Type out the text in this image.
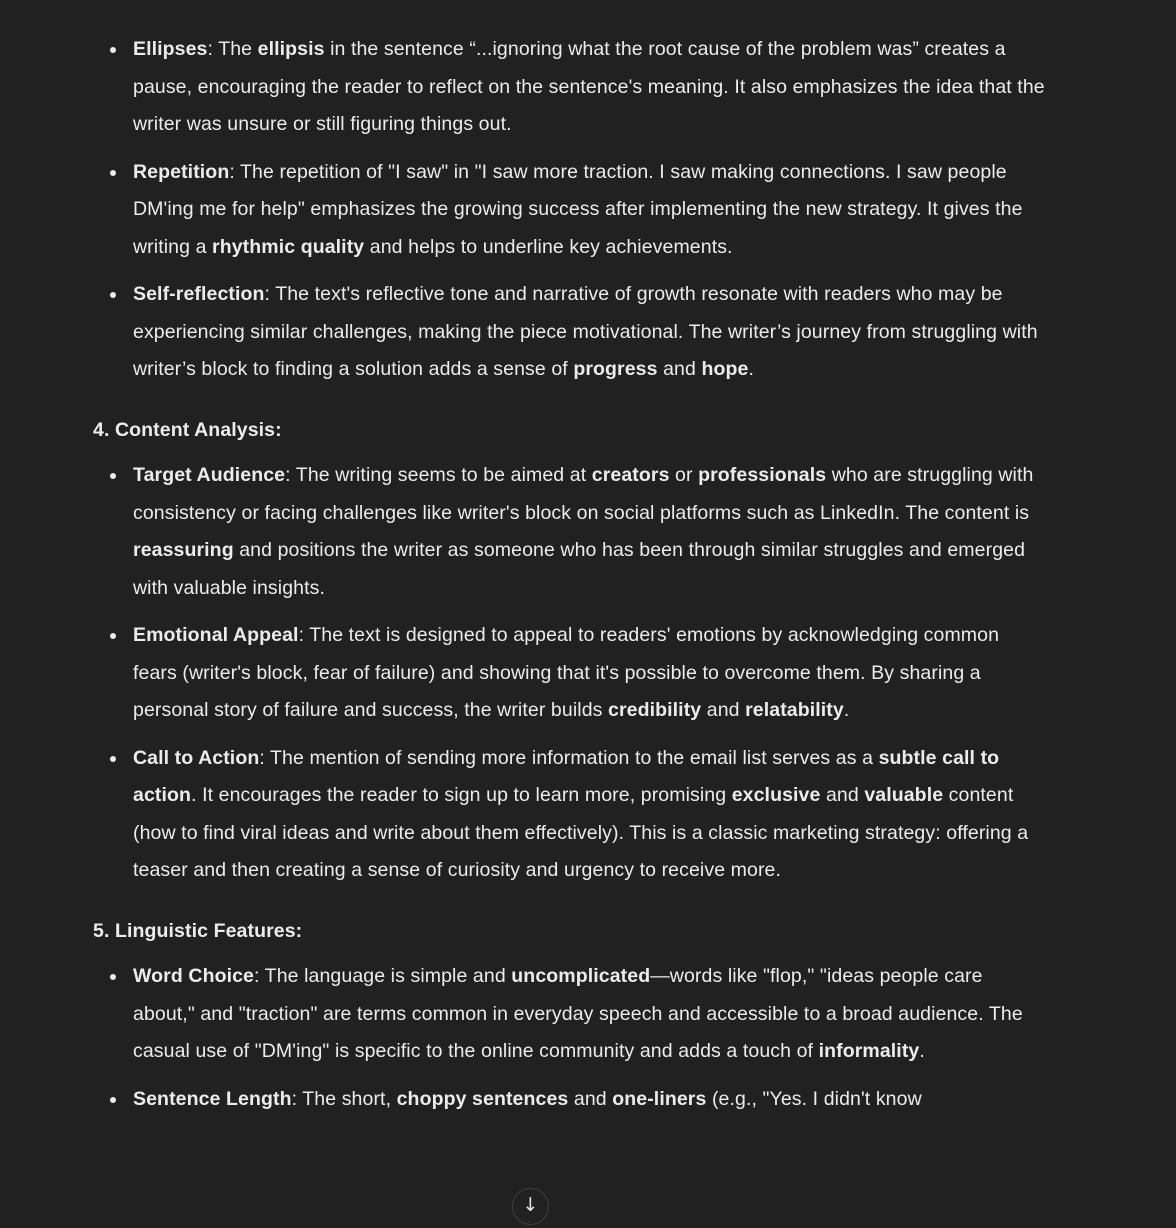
Ellipses: The ellipsis in the sentence “...ignoring what the root cause of the problem was” creates a pause, encouraging the reader to reflect on the sentence's meaning. It also emphasizes the idea that the writer was unsure or still figuring things out.
Repetition: The repetition of "I saw" in "I saw more traction. I saw making connections. I saw people DM'ing me for help" emphasizes the growing success after implementing the new strategy. It gives the writing a rhythmic quality and helps to underline key achievements.
Self-reflection: The text's reflective tone and narrative of growth resonate with readers who may be experiencing similar challenges, making the piece motivational. The writer’s journey from struggling with writer’s block to finding a solution adds a sense of progress and hope.

4. Content Analysis:

Target Audience: The writing seems to be aimed at creators or professionals who are struggling with consistency or facing challenges like writer's block on social platforms such as LinkedIn. The content is reassuring and positions the writer as someone who has been through similar struggles and emerged with valuable insights.
Emotional Appeal: The text is designed to appeal to readers' emotions by acknowledging common fears (writer's block, fear of failure) and showing that it's possible to overcome them. By sharing a personal story of failure and success, the writer builds credibility and relatability.
Call to Action: The mention of sending more information to the email list serves as a subtle call to action. It encourages the reader to sign up to learn more, promising exclusive and valuable content (how to find viral ideas and write about them effectively). This is a classic marketing strategy: offering a teaser and then creating a sense of curiosity and urgency to receive more.

5. Linguistic Features:

Word Choice: The language is simple and uncomplicated—words like "flop," "ideas people care about," and "traction" are terms common in everyday speech and accessible to a broad audience. The casual use of "DM'ing" is specific to the online community and adds a touch of informality.
Sentence Length: The short, choppy sentences and one-liners (e.g., "Yes. I didn't know
↓
